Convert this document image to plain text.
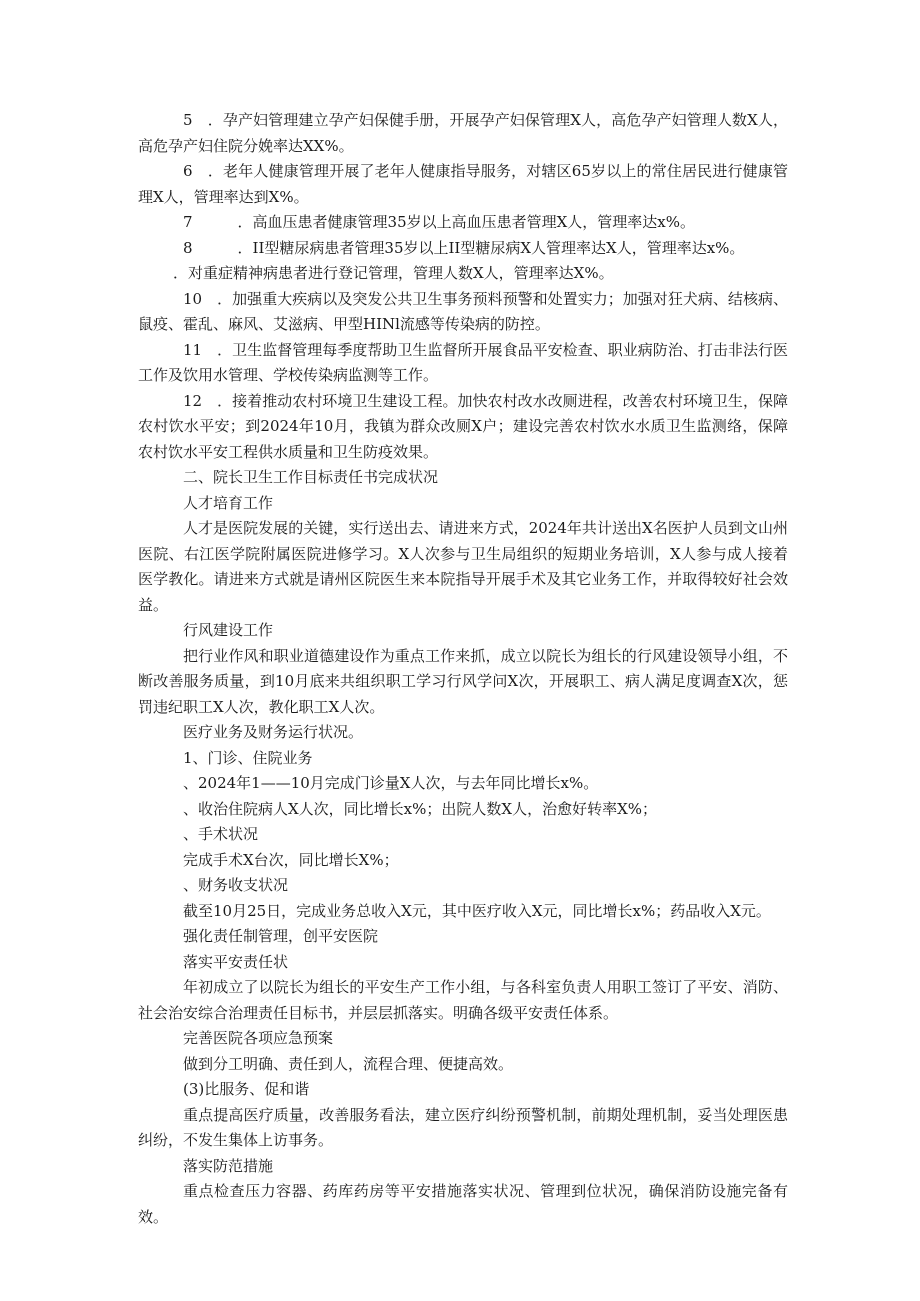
5　．孕产妇管理建立孕产妇保健手册，开展孕产妇保管理X人，高危孕产妇管理人数X人，高危孕产妇住院分娩率达XX%。

6　．老年人健康管理开展了老年人健康指导服务，对辖区65岁以上的常住居民进行健康管理X人，管理率达到X%。

7　　　．高血压患者健康管理35岁以上高血压患者管理X人，管理率达x%。

8　　　．II型糖尿病患者管理35岁以上II型糖尿病X人管理率达X人，管理率达x%。

．对重症精神病患者进行登记管理，管理人数X人，管理率达X%。

10　．加强重大疾病以及突发公共卫生事务预料预警和处置实力；加强对狂犬病、结核病、鼠疫、霍乱、麻风、艾滋病、甲型HINl流感等传染病的防控。

11　．卫生监督管理每季度帮助卫生监督所开展食品平安检查、职业病防治、打击非法行医工作及饮用水管理、学校传染病监测等工作。

12　．接着推动农村环境卫生建设工程。加快农村改水改厕进程，改善农村环境卫生，保障农村饮水平安；到2024年10月，我镇为群众改厕X户；建设完善农村饮水水质卫生监测络，保障农村饮水平安工程供水质量和卫生防疫效果。

二、院长卫生工作目标责任书完成状况

人才培育工作

人才是医院发展的关键，实行送出去、请进来方式，2024年共计送出X名医护人员到文山州医院、右江医学院附属医院进修学习。X人次参与卫生局组织的短期业务培训，X人参与成人接着医学教化。请进来方式就是请州区院医生来本院指导开展手术及其它业务工作，并取得较好社会效益。

行风建设工作

把行业作风和职业道德建设作为重点工作来抓，成立以院长为组长的行风建设领导小组，不断改善服务质量，到10月底来共组织职工学习行风学问X次，开展职工、病人满足度调查X次，惩罚违纪职工X人次，教化职工X人次。

医疗业务及财务运行状况。

1、门诊、住院业务

、2024年1——10月完成门诊量X人次，与去年同比增长x%。

、收治住院病人X人次，同比增长x%；出院人数X人，治愈好转率X%；

、手术状况

完成手术X台次，同比增长X%；

、财务收支状况

截至10月25日，完成业务总收入X元，其中医疗收入X元，同比增长x%；药品收入X元。

强化责任制管理，创平安医院

落实平安责任状

年初成立了以院长为组长的平安生产工作小组，与各科室负责人用职工签订了平安、消防、社会治安综合治理责任目标书，并层层抓落实。明确各级平安责任体系。

完善医院各项应急预案

做到分工明确、责任到人，流程合理、便捷高效。

(3)比服务、促和谐

重点提高医疗质量，改善服务看法，建立医疗纠纷预警机制，前期处理机制，妥当处理医患纠纷，不发生集体上访事务。

落实防范措施

重点检查压力容器、药库药房等平安措施落实状况、管理到位状况，确保消防设施完备有效。
